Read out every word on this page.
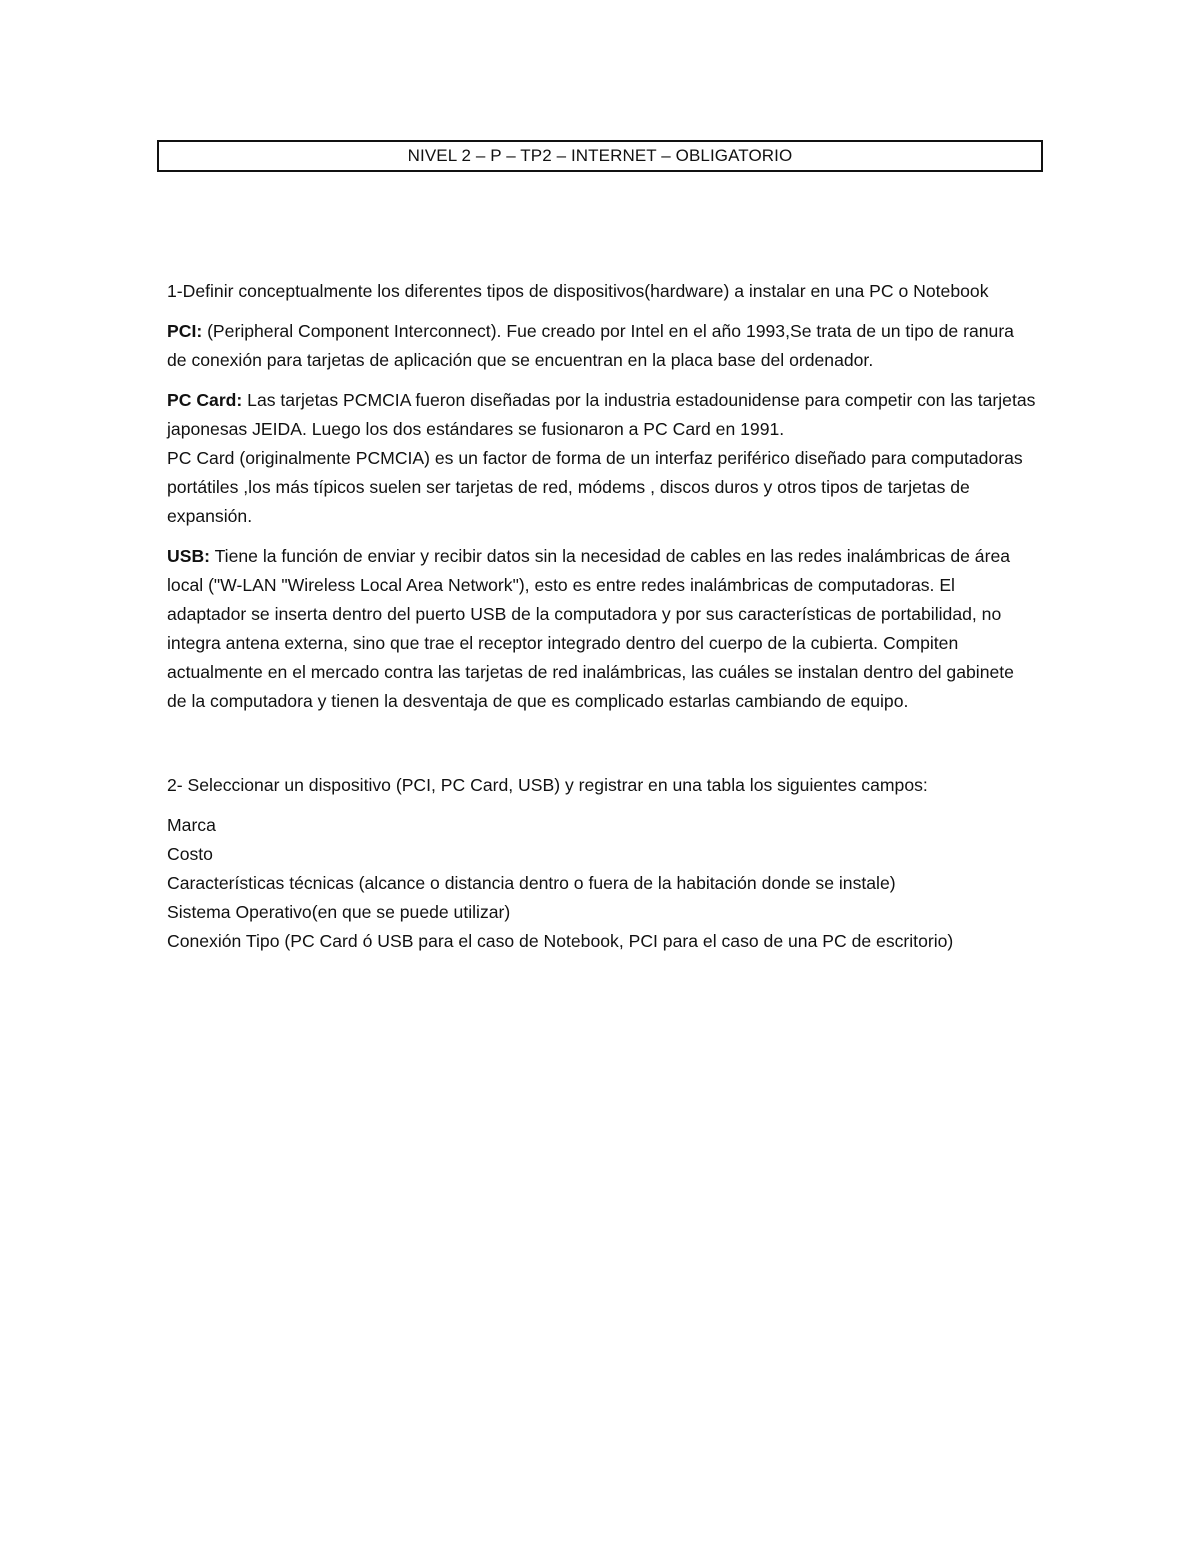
NIVEL 2 – P – TP2 – INTERNET – OBLIGATORIO

1-Definir conceptualmente los diferentes tipos de dispositivos(hardware) a instalar en una PC o Notebook

PCI: (Peripheral Component Interconnect). Fue creado por Intel en el año 1993,Se trata de un tipo de ranura de conexión para tarjetas de aplicación que se encuentran en la placa base del ordenador.

PC Card: Las tarjetas PCMCIA fueron diseñadas por la industria estadounidense para competir con las tarjetas japonesas JEIDA. Luego los dos estándares se fusionaron a PC Card en 1991.

PC Card (originalmente PCMCIA) es un factor de forma de un interfaz periférico diseñado para computadoras portátiles ,los más típicos suelen ser tarjetas de red, módems , discos duros y otros tipos de tarjetas de expansión.

USB: Tiene la función de enviar y recibir datos sin la necesidad de cables en las redes inalámbricas de área local ("W-LAN "Wireless Local Area Network"), esto es entre redes inalámbricas de computadoras. El adaptador se inserta dentro del puerto USB de la computadora y por sus características de portabilidad, no integra antena externa, sino que trae el receptor integrado dentro del cuerpo de la cubierta. Compiten actualmente en el mercado contra las tarjetas de red inalámbricas, las cuáles se instalan dentro del gabinete de la computadora y tienen la desventaja de que es complicado estarlas cambiando de equipo.

2- Seleccionar un dispositivo (PCI, PC Card, USB) y registrar en una tabla los siguientes campos:

Marca
Costo
Características técnicas (alcance o distancia dentro o fuera de la habitación donde se instale)
Sistema Operativo(en que se puede utilizar)
Conexión Tipo (PC Card ó USB para el caso de Notebook, PCI para el caso de una PC de escritorio)
